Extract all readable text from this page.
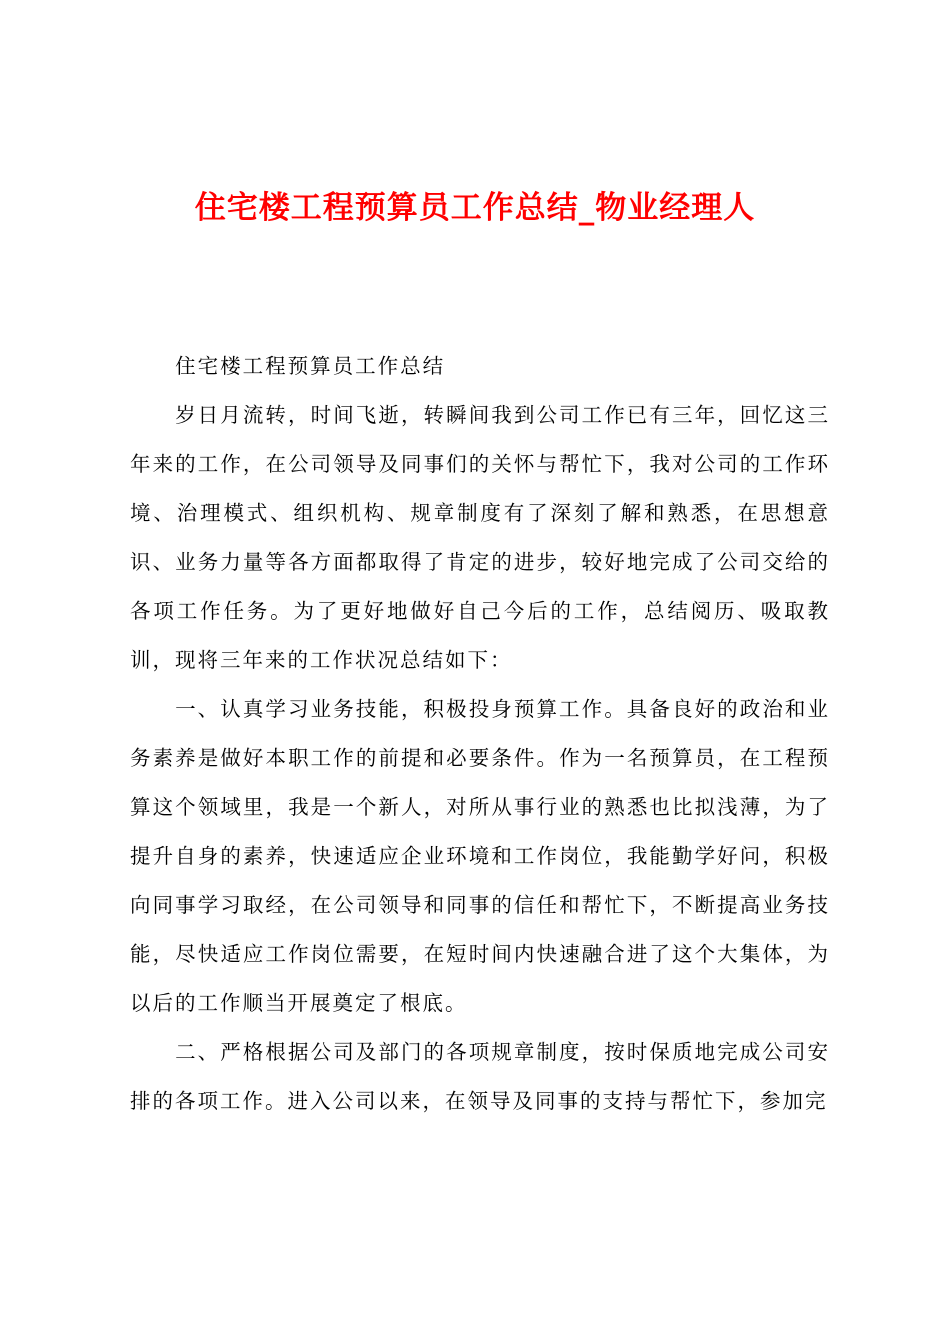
住宅楼工程预算员工作总结_物业经理人

住宅楼工程预算员工作总结

岁日月流转，时间飞逝，转瞬间我到公司工作已有三年，回忆这三年来的工作，在公司领导及同事们的关怀与帮忙下，我对公司的工作环境、治理模式、组织机构、规章制度有了深刻了解和熟悉，在思想意识、业务力量等各方面都取得了肯定的进步，较好地完成了公司交给的各项工作任务。为了更好地做好自己今后的工作，总结阅历、吸取教训，现将三年来的工作状况总结如下：

一、认真学习业务技能，积极投身预算工作。具备良好的政治和业务素养是做好本职工作的前提和必要条件。作为一名预算员，在工程预算这个领域里，我是一个新人，对所从事行业的熟悉也比拟浅薄，为了提升自身的素养，快速适应企业环境和工作岗位，我能勤学好问，积极向同事学习取经，在公司领导和同事的信任和帮忙下，不断提高业务技能，尽快适应工作岗位需要，在短时间内快速融合进了这个大集体，为以后的工作顺当开展奠定了根底。

二、严格根据公司及部门的各项规章制度，按时保质地完成公司安排的各项工作。进入公司以来，在领导及同事的支持与帮忙下，参加完
